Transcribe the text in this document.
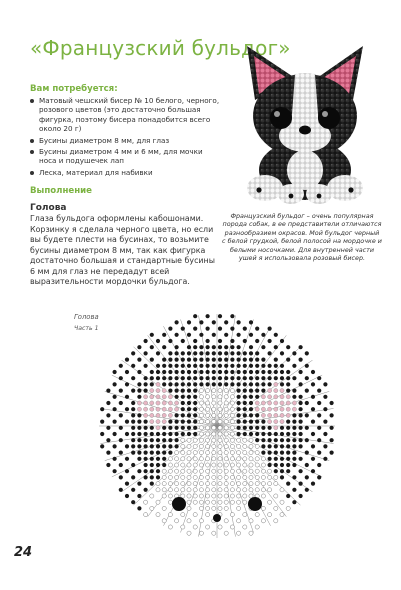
«Французский бульдог»
Вам потребуется:
Матовый чешский бисер № 10 белого, черного, розового цветов (это достаточно большая фигурка, поэтому бисера понадобится всего около 20 г)
Бусины диаметром 8 мм, для глаз
Бусины диаметром 4 мм и 6 мм, для мочки носа и подушечек лап
Леска, материал для набивки
Выполнение
Голова
Глаза бульдога оформлены кабошонами. Корзинку я сделала черного цвета, но если вы будете плести на бусинах, то возьмите бусины диаметром 8 мм, так как фигурка достаточно большая и стандартные бусины 6 мм для глаз не передадут всей выразительности мордочки бульдога.
Французский бульдог – очень популярная порода собак, в ее представители отличаются разнообразием окрасов. Мой бульдог черный с белой грудкой, белой полосой на мордочке и белыми носочками. Для внутренней части ушей я использовала розовый бисер.
Голова
Часть 1
24
